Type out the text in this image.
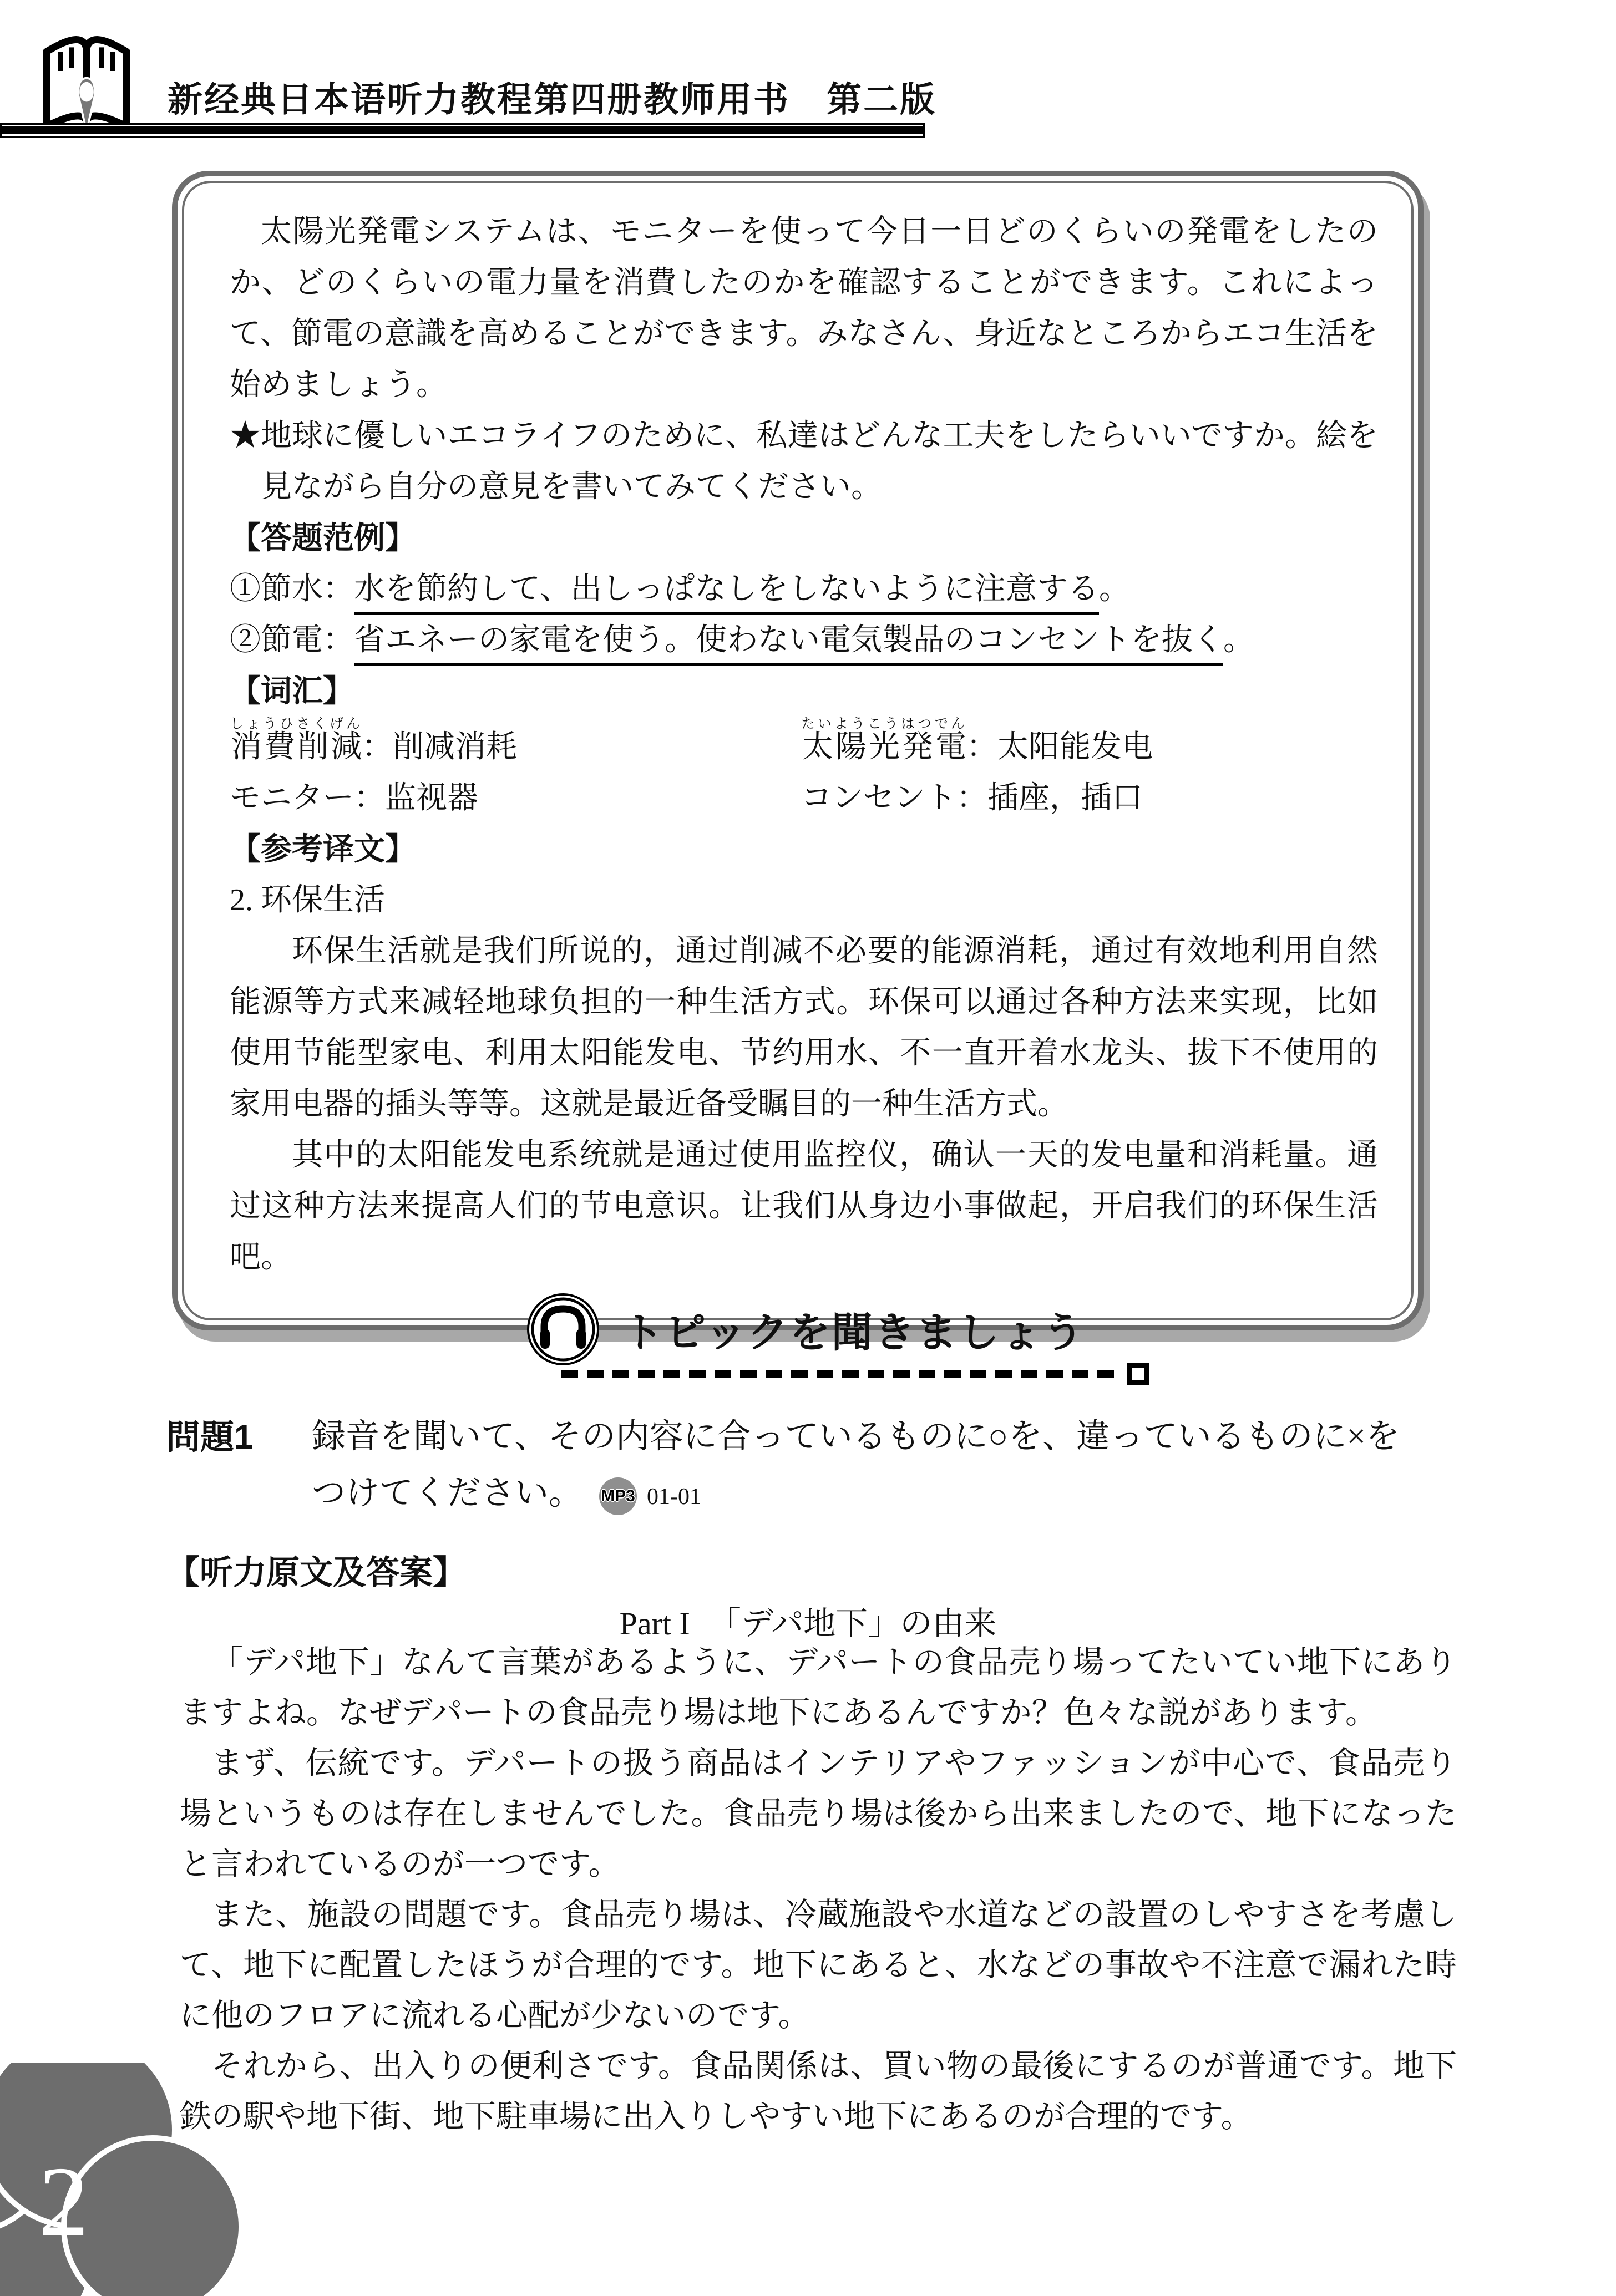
新经典日本语听力教程第四册教师用书　第二版

太陽光発電システムは、モニターを使って今日一日どのくらいの発電をしたのか、どのくらいの電力量を消費したのかを確認することができます。これによって、節電の意識を高めることができます。みなさん、身近なところからエコ生活を始めましょう。

★地球に優しいエコライフのために、私達はどんな工夫をしたらいいですか。絵を見ながら自分の意見を書いてみてください。

【答题范例】

①節水：水を節約して、出しっぱなしをしないように注意する。

②節電：省エネーの家電を使う。使わない電気製品のコンセントを抜く。

【词汇】

消費削減しょうひさくげん：削减消耗	太陽光発電たいようこうはつでん：太阳能发电
モニター：监视器	コンセント：插座，插口

【参考译文】

2. 环保生活

环保生活就是我们所说的，通过削减不必要的能源消耗，通过有效地利用自然能源等方式来减轻地球负担的一种生活方式。环保可以通过各种方法来实现，比如使用节能型家电、利用太阳能发电、节约用水、不一直开着水龙头、拔下不使用的家用电器的插头等等。这就是最近备受瞩目的一种生活方式。

其中的太阳能发电系统就是通过使用监控仪，确认一天的发电量和消耗量。通过这种方法来提高人们的节电意识。让我们从身边小事做起，开启我们的环保生活吧。

トピックを聞きましょう
問題1	録音を聞いて、その内容に合っているものに○を、違っているものに×を
つけてください。 MP3 01-01
【听力原文及答案】
Part I 「デパ地下」の由来

「デパ地下」なんて言葉があるように、デパートの食品売り場ってたいてい地下にありますよね。なぜデパートの食品売り場は地下にあるんですか？色々な説があります。

まず、伝統です。デパートの扱う商品はインテリアやファッションが中心で、食品売り場というものは存在しませんでした。食品売り場は後から出来ましたので、地下になったと言われているのが一つです。

また、施設の問題です。食品売り場は、冷蔵施設や水道などの設置のしやすさを考慮して、地下に配置したほうが合理的です。地下にあると、水などの事故や不注意で漏れた時に他のフロアに流れる心配が少ないのです。

それから、出入りの便利さです。食品関係は、買い物の最後にするのが普通です。地下鉄の駅や地下街、地下駐車場に出入りしやすい地下にあるのが合理的です。

2
